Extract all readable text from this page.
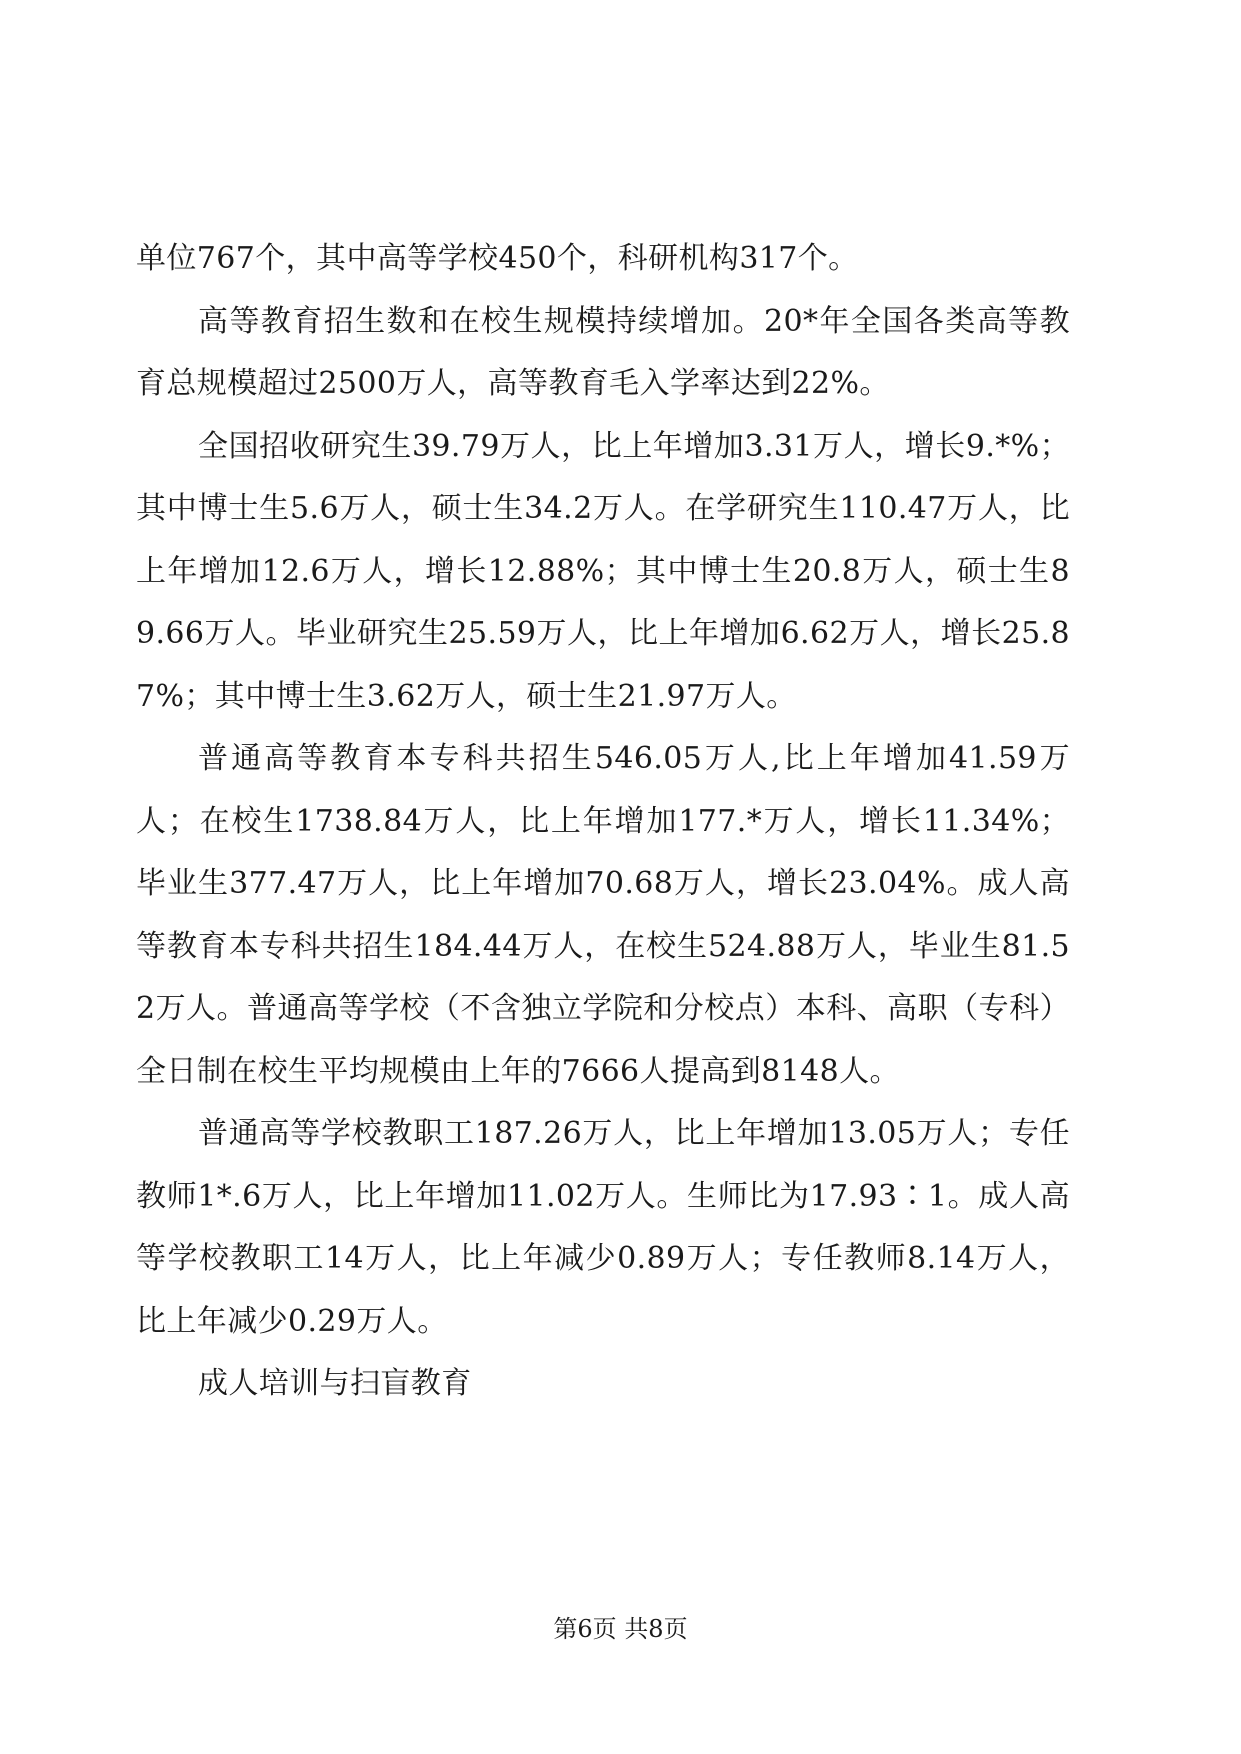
单位767个，其中高等学校450个，科研机构317个。

高等教育招生数和在校生规模持续增加。20*年全国各类高等教育总规模超过2500万人，高等教育毛入学率达到22%。

全国招收研究生39.79万人，比上年增加3.31万人，增长9.*%；其中博士生5.6万人，硕士生34.2万人。在学研究生110.47万人，比上年增加12.6万人，增长12.88%；其中博士生20.8万人，硕士生89.66万人。毕业研究生25.59万人，比上年增加6.62万人，增长25.87%；其中博士生3.62万人，硕士生21.97万人。

普通高等教育本专科共招生546.05万人,比上年增加41.59万人；在校生1738.84万人，比上年增加177.*万人，增长11.34%；毕业生377.47万人，比上年增加70.68万人，增长23.04%。成人高等教育本专科共招生184.44万人，在校生524.88万人，毕业生81.52万人。普通高等学校（不含独立学院和分校点）本科、高职（专科）全日制在校生平均规模由上年的7666人提高到8148人。

普通高等学校教职工187.26万人，比上年增加13.05万人；专任教师1*.6万人，比上年增加11.02万人。生师比为17.93∶1。成人高等学校教职工14万人，比上年减少0.89万人；专任教师8.14万人，比上年减少0.29万人。

成人培训与扫盲教育

第6页 共8页
